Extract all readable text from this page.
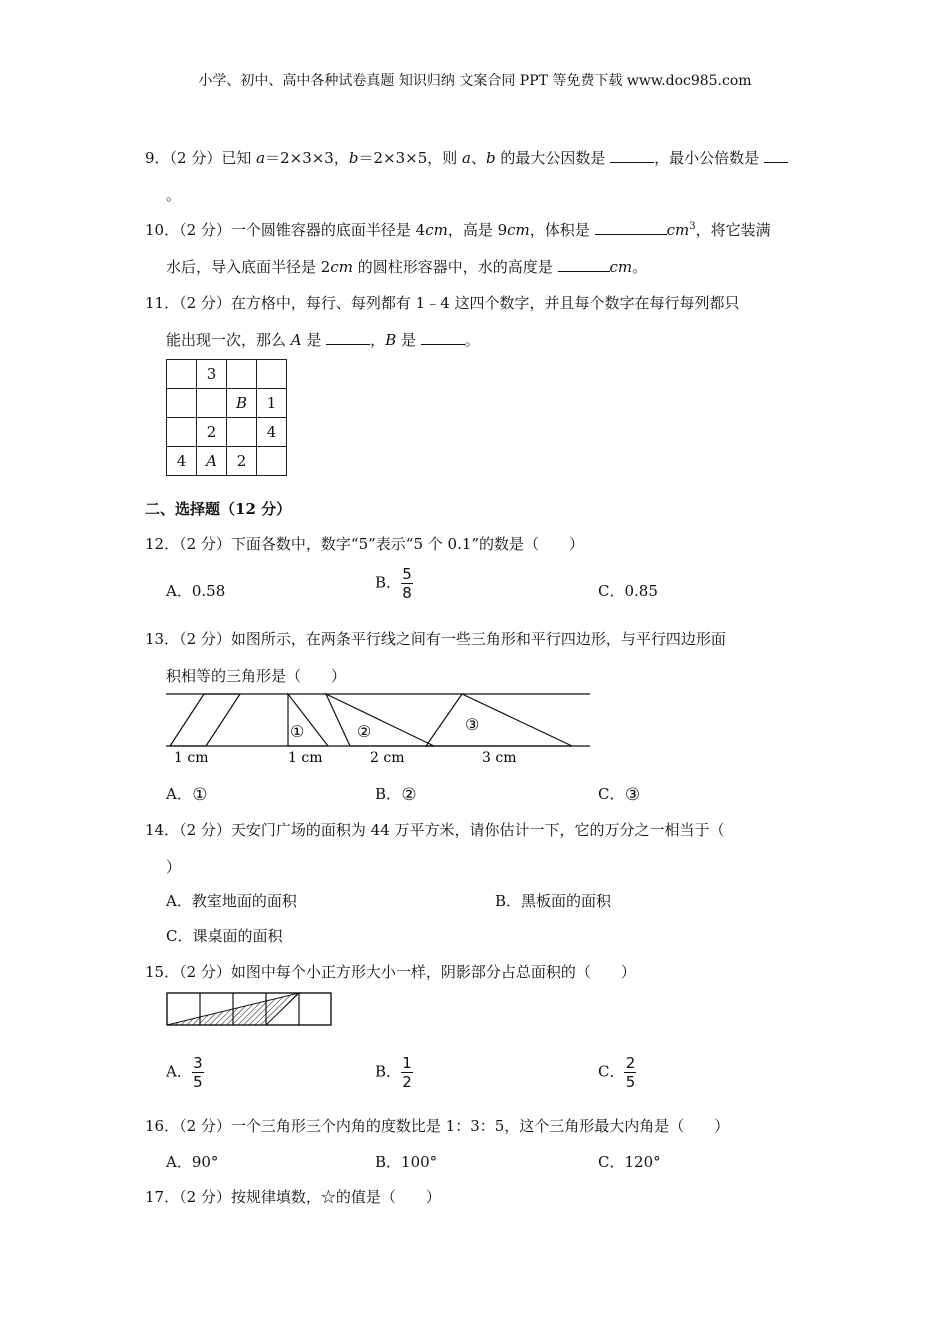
小学、初中、高中各种试卷真题 知识归纳 文案合同 PPT 等免费下载 www.doc985.com
9．（2 分）已知 a＝2×3×3，b＝2×3×5，则 a、b 的最大公因数是	，最小公倍数是
。
10．（2 分）一个圆锥容器的底面半径是 4cm，高是 9cm，体积是	$cm^3$，将它装满
水后，导入底面半径是 2cm 的圆柱形容器中，水的高度是	cm。
11．（2 分）在方格中，每行、每列都有 1﹣4 这四个数字，并且每个数字在每行每列都只
能出现一次，那么 A 是	，B 是	。
	3		
		B	1
	2		4
4	A	2	
二、选择题（12 分）
12．（2 分）下面各数中，数字“5”表示“5 个 0.1”的数是（　　）
A．0.58	B． $\frac{5}{8}$	C．0.85
13．（2 分）如图所示，在两条平行线之间有一些三角形和平行四边形，与平行四边形面
积相等的三角形是（　　）
①	②	③
1 cm	1 cm	2 cm	3 cm
A．①	B．②	C．③
14．（2 分）天安门广场的面积为 44 万平方米，请你估计一下，它的万分之一相当于（
）
A．教室地面的面积	B．黑板面的面积
C．课桌面的面积
15．（2 分）如图中每个小正方形大小一样，阴影部分占总面积的（　　）
A． $\frac{3}{5}$	B． $\frac{1}{2}$	C． $\frac{2}{5}$
16．（2 分）一个三角形三个内角的度数比是 1：3：5，这个三角形最大内角是（　　）
A．90°	B．100°	C．120°
17．（2 分）按规律填数，☆的值是（　　）
